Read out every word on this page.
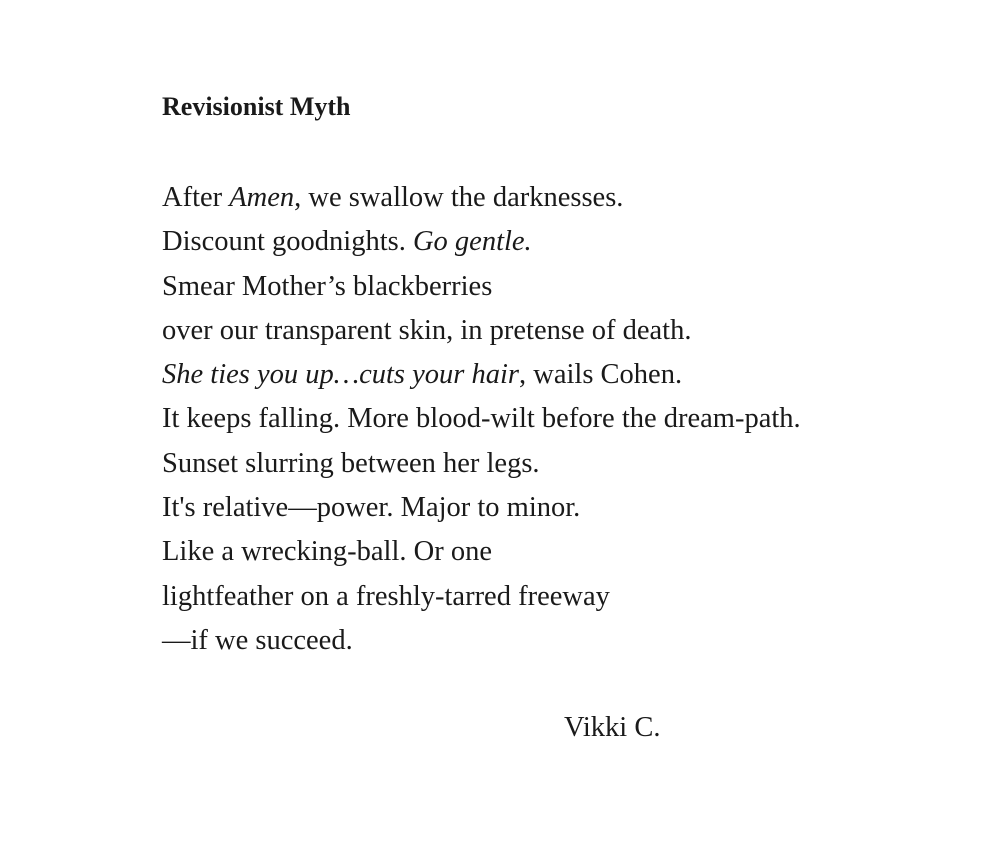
Revisionist Myth
After Amen, we swallow the darknesses.
Discount goodnights. Go gentle.
Smear Mother’s blackberries
over our transparent skin, in pretense of death.
She ties you up…cuts your hair, wails Cohen.
It keeps falling. More blood-wilt before the dream-path.
Sunset slurring between her legs.
It's relative—power. Major to minor.
Like a wrecking-ball. Or one
lightfeather on a freshly-tarred freeway
—if we succeed.
Vikki C.
